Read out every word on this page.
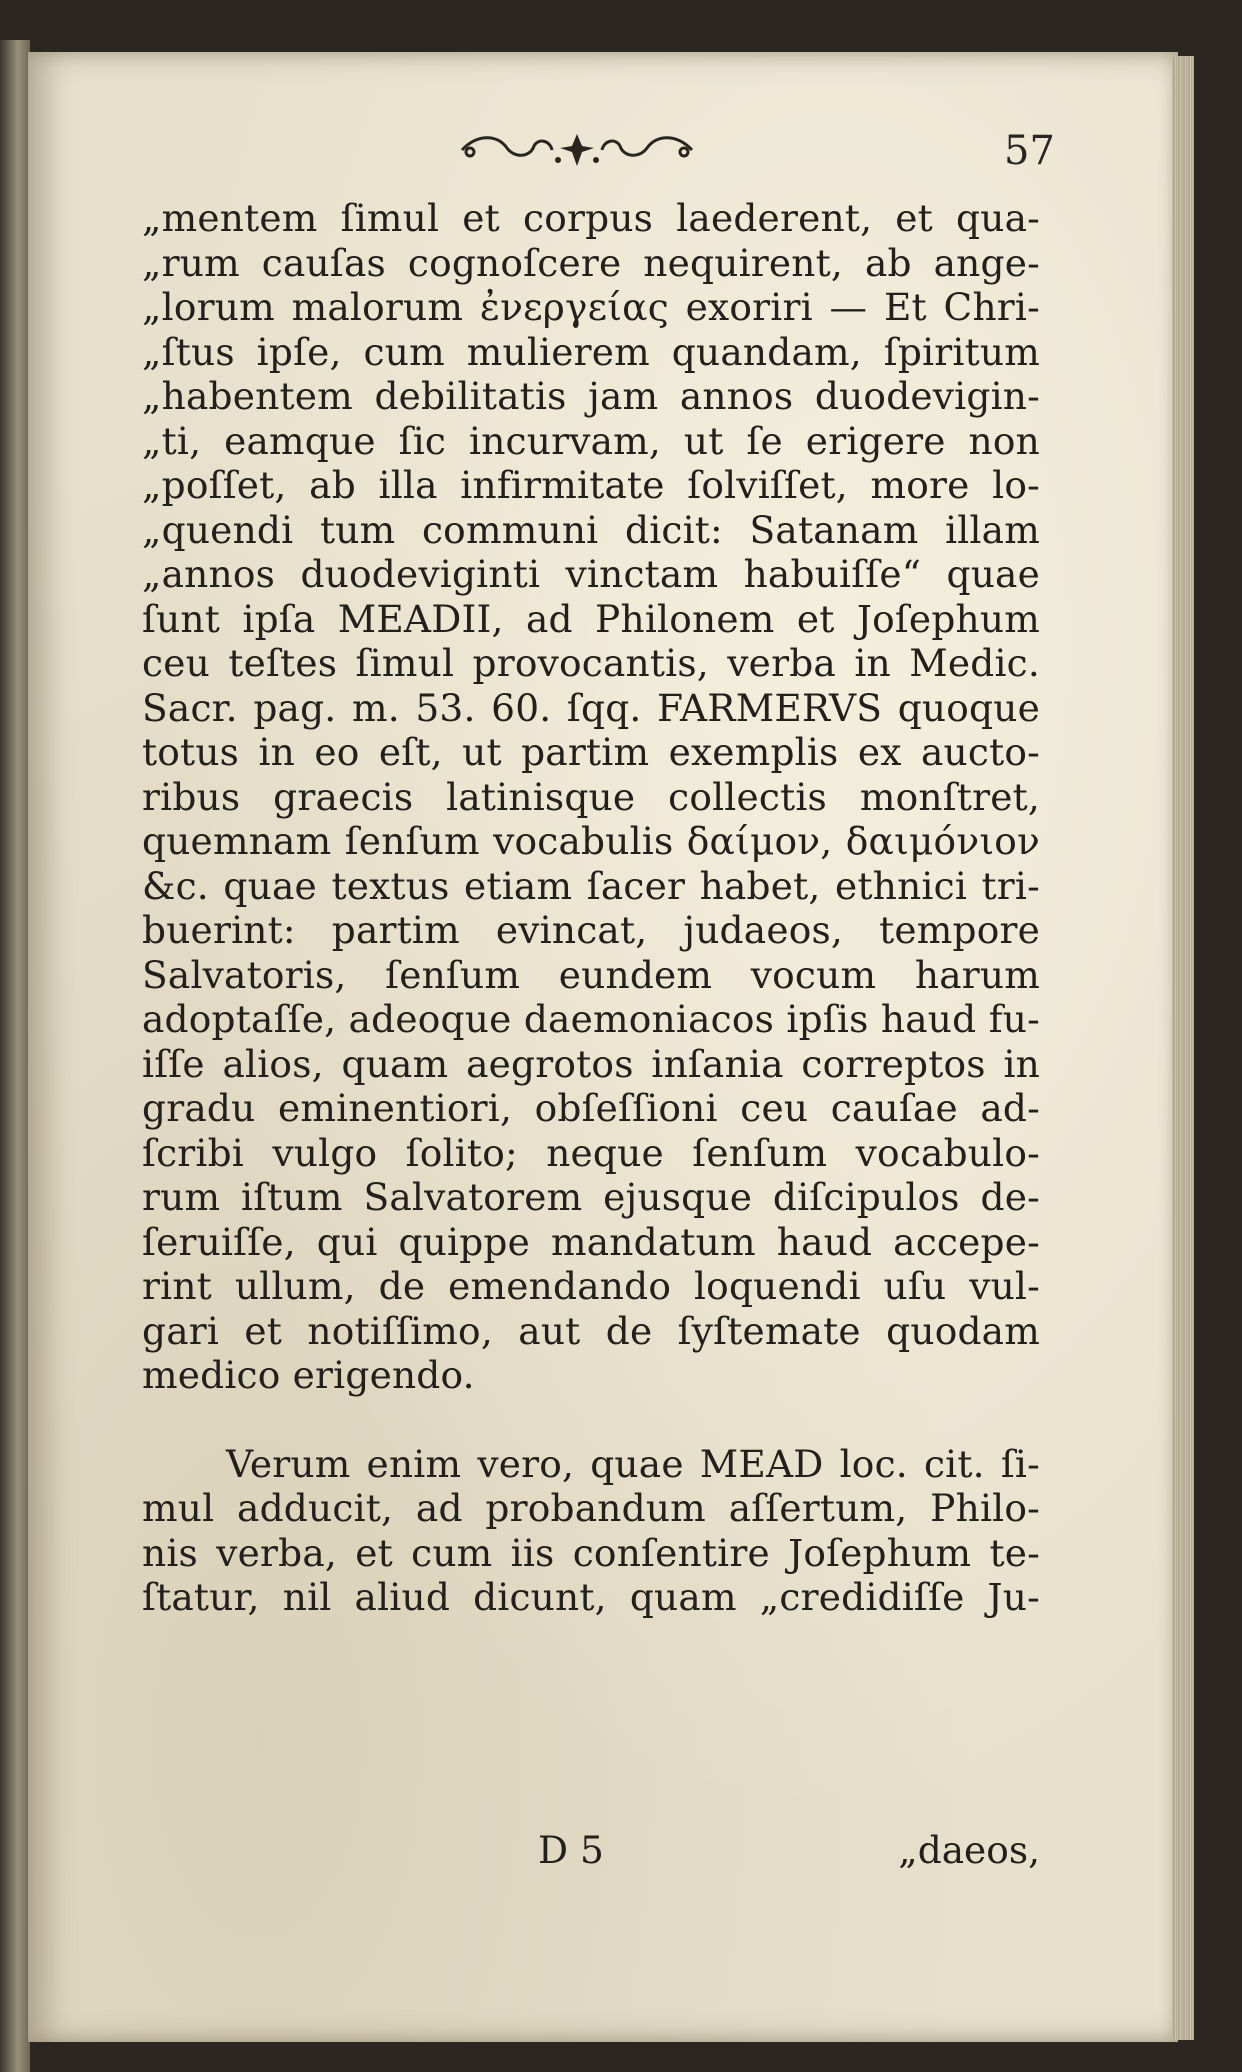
57
„mentem ſimul et corpus laederent, et qua-
„rum cauſas cognoſcere nequirent, ab ange-
„lorum malorum ἐνεργείας exoriri — Et Chri-
„ſtus ipſe, cum mulierem quandam, ſpiritum
„habentem debilitatis jam annos duodevigin-
„ti, eamque ſic incurvam, ut ſe erigere non
„poſſet, ab illa infirmitate ſolviſſet, more lo-
„quendi tum communi dicit: Satanam illam
„annos duodeviginti vinctam habuiſſe“ quae
ſunt ipſa MEADII, ad Philonem et Joſephum
ceu teſtes ſimul provocantis, verba in Medic.
Sacr. pag. m. 53. 60. ſqq. FARMERVS quoque
totus in eo eſt, ut partim exemplis ex aucto-
ribus graecis latinisque collectis monſtret,
quemnam ſenſum vocabulis δαίμον, δαιμόνιον
&c. quae textus etiam ſacer habet, ethnici tri-
buerint: partim evincat, judaeos, tempore
Salvatoris, ſenſum eundem vocum harum
adoptaſſe, adeoque daemoniacos ipſis haud fu-
iſſe alios, quam aegrotos inſania correptos in
gradu eminentiori, obſeſſioni ceu cauſae ad-
ſcribi vulgo ſolito; neque ſenſum vocabulo-
rum iſtum Salvatorem ejusque diſcipulos de-
ſeruiſſe, qui quippe mandatum haud accepe-
rint ullum, de emendando loquendi uſu vul-
gari et notiſſimo, aut de ſyſtemate quodam
medico erigendo.
Verum enim vero, quae MEAD loc. cit. ſi-
mul adducit, ad probandum aſſertum, Philo-
nis verba, et cum iis conſentire Joſephum te-
ſtatur, nil aliud dicunt, quam „credidiſſe Ju-
D 5	„daeos,
